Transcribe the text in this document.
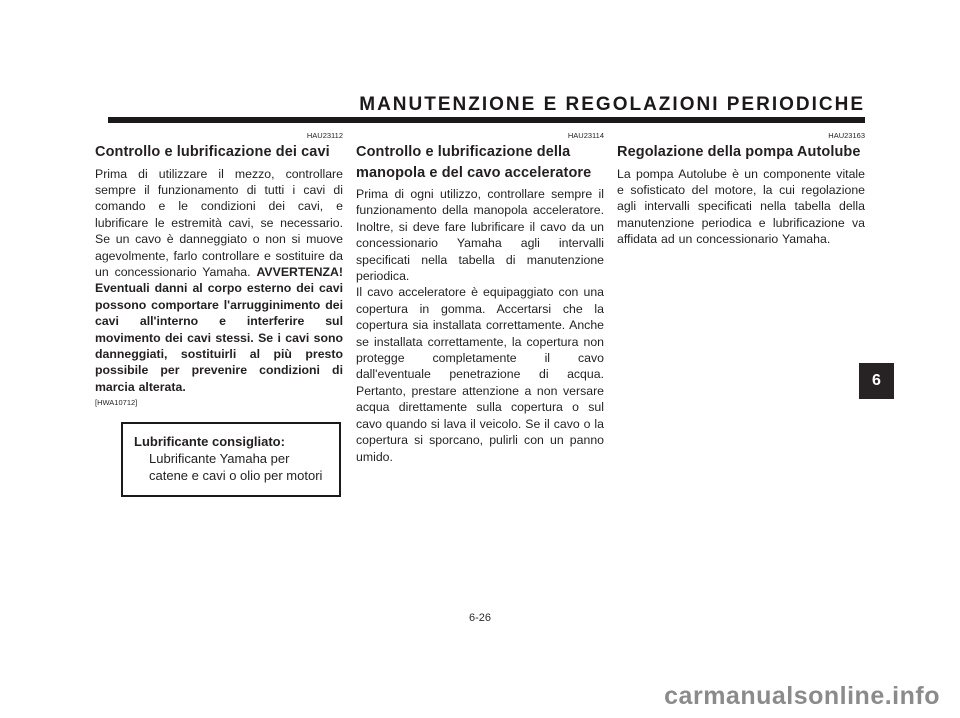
MANUTENZIONE E REGOLAZIONI PERIODICHE
HAU23112
Controllo e lubrificazione dei cavi

Prima di utilizzare il mezzo, controllare sempre il funzionamento di tutti i cavi di comando e le condizioni dei cavi, e lubrificare le estremità cavi, se necessario. Se un cavo è danneggiato o non si muove agevolmente, farlo controllare e sostituire da un concessionario Yamaha. AVVERTENZA! Eventuali danni al corpo esterno dei cavi possono comportare l'arrugginimento dei cavi all'interno e interferire sul movimento dei cavi stessi. Se i cavi sono danneggiati, sostituirli al più presto possibile per prevenire condizioni di marcia alterata.
[HWA10712]

Lubrificante consigliato:

Lubrificante Yamaha per catene e cavi o olio per motori

HAU23114
Controllo e lubrificazione della manopola e del cavo acceleratore

Prima di ogni utilizzo, controllare sempre il funzionamento della manopola acceleratore. Inoltre, si deve fare lubrificare il cavo da un concessionario Yamaha agli intervalli specificati nella tabella di manutenzione periodica.

Il cavo acceleratore è equipaggiato con una copertura in gomma. Accertarsi che la copertura sia installata correttamente. Anche se installata correttamente, la copertura non protegge completamente il cavo dall'eventuale penetrazione di acqua. Pertanto, prestare attenzione a non versare acqua direttamente sulla copertura o sul cavo quando si lava il veicolo. Se il cavo o la copertura si sporcano, pulirli con un panno umido.

HAU23163
Regolazione della pompa Autolube

La pompa Autolube è un componente vitale e sofisticato del motore, la cui regolazione agli intervalli specificati nella tabella della manutenzione periodica e lubrificazione va affidata ad un concessionario Yamaha.

6
6-26
carmanualsonline.info
